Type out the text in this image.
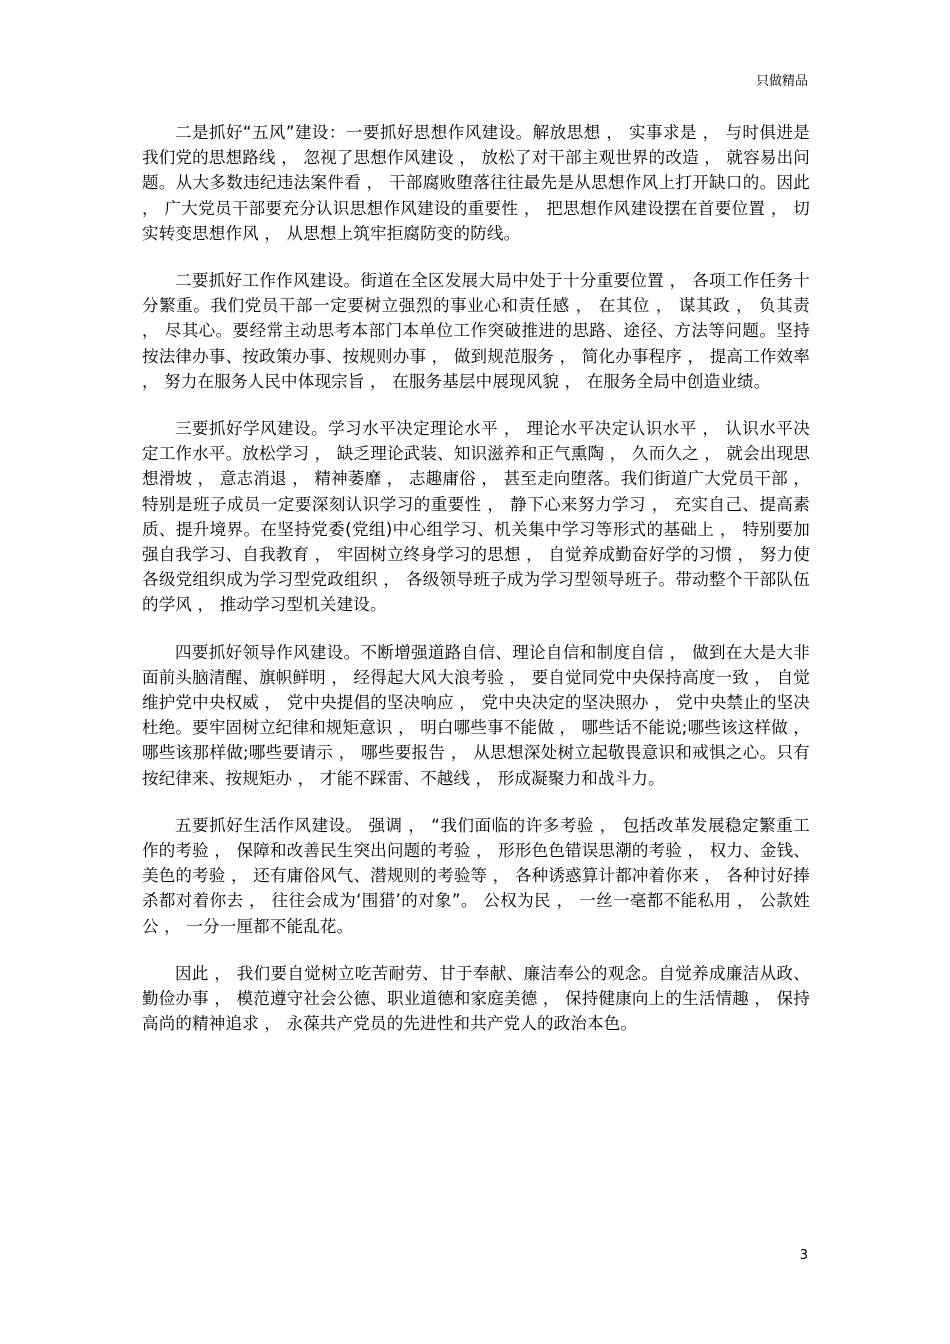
只做精品

二是抓好“五风”建设：一要抓好思想作风建设。解放思想 ， 实事求是 ， 与时俱进是我们党的思想路线 ， 忽视了思想作风建设 ， 放松了对干部主观世界的改造 ， 就容易出问题。从大多数违纪违法案件看 ， 干部腐败堕落往往最先是从思想作风上打开缺口的。因此 ， 广大党员干部要充分认识思想作风建设的重要性 ， 把思想作风建设摆在首要位置 ， 切实转变思想作风 ， 从思想上筑牢拒腐防变的防线。

二要抓好工作作风建设。街道在全区发展大局中处于十分重要位置 ， 各项工作任务十分繁重。我们党员干部一定要树立强烈的事业心和责任感 ， 在其位 ， 谋其政 ， 负其责 ， 尽其心。要经常主动思考本部门本单位工作突破推进的思路、途径、方法等问题。坚持按法律办事、按政策办事、按规则办事 ， 做到规范服务 ， 简化办事程序 ， 提高工作效率 ， 努力在服务人民中体现宗旨 ， 在服务基层中展现风貌 ， 在服务全局中创造业绩。

三要抓好学风建设。学习水平决定理论水平 ， 理论水平决定认识水平 ， 认识水平决定工作水平。放松学习 ， 缺乏理论武装、知识滋养和正气熏陶 ， 久而久之 ， 就会出现思想滑坡 ， 意志消退 ， 精神萎靡 ， 志趣庸俗 ， 甚至走向堕落。我们街道广大党员干部 ， 特别是班子成员一定要深刻认识学习的重要性 ， 静下心来努力学习 ， 充实自己、提高素质、提升境界。在坚持党委(党组)中心组学习、机关集中学习等形式的基础上 ， 特别要加强自我学习、自我教育 ， 牢固树立终身学习的思想 ， 自觉养成勤奋好学的习惯 ， 努力使各级党组织成为学习型党政组织 ， 各级领导班子成为学习型领导班子。带动整个干部队伍的学风 ， 推动学习型机关建设。

四要抓好领导作风建设。不断增强道路自信、理论自信和制度自信 ， 做到在大是大非面前头脑清醒、旗帜鲜明 ， 经得起大风大浪考验 ， 要自觉同党中央保持高度一致 ， 自觉维护党中央权威 ， 党中央提倡的坚决响应 ， 党中央决定的坚决照办 ， 党中央禁止的坚决杜绝。要牢固树立纪律和规矩意识 ， 明白哪些事不能做 ， 哪些话不能说;哪些该这样做 ， 哪些该那样做;哪些要请示 ， 哪些要报告 ， 从思想深处树立起敬畏意识和戒惧之心。只有按纪律来、按规矩办 ， 才能不踩雷、不越线 ， 形成凝聚力和战斗力。

五要抓好生活作风建设。 强调 ， “我们面临的许多考验 ， 包括改革发展稳定繁重工作的考验 ， 保障和改善民生突出问题的考验 ， 形形色色错误思潮的考验 ， 权力、金钱、美色的考验 ， 还有庸俗风气、潜规则的考验等 ， 各种诱惑算计都冲着你来 ， 各种讨好捧杀都对着你去 ， 往往会成为‘围猎’的对象”。 公权为民 ， 一丝一毫都不能私用 ， 公款姓公 ， 一分一厘都不能乱花。

因此 ， 我们要自觉树立吃苦耐劳、甘于奉献、廉洁奉公的观念。自觉养成廉洁从政、勤俭办事 ， 模范遵守社会公德、职业道德和家庭美德 ， 保持健康向上的生活情趣 ， 保持高尚的精神追求 ， 永葆共产党员的先进性和共产党人的政治本色。

3
